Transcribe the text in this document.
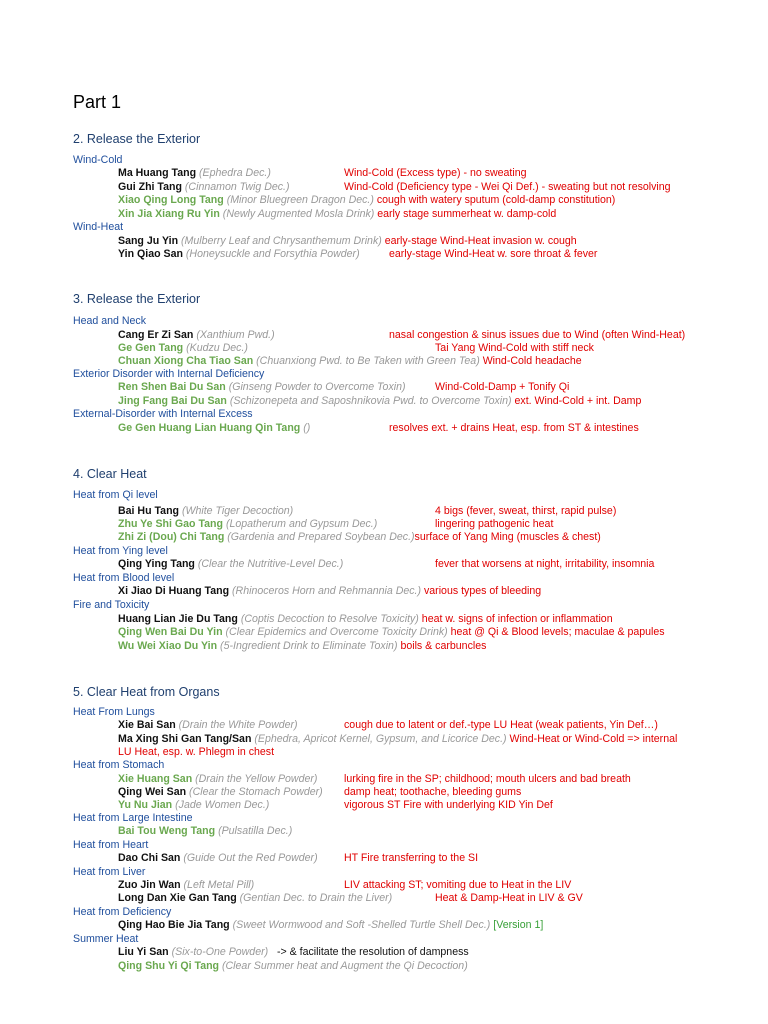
Part 1
2. Release the Exterior
Wind-Cold
Ma Huang Tang (Ephedra Dec.)	Wind-Cold (Excess type) - no sweating
Gui Zhi Tang (Cinnamon Twig Dec.)	Wind-Cold (Deficiency type - Wei Qi Def.) - sweating but not resolving
Xiao Qing Long Tang (Minor Bluegreen Dragon Dec.) cough with watery sputum (cold-damp constitution)
Xin Jia Xiang Ru Yin (Newly Augmented Mosla Drink) early stage summerheat w. damp-cold
Wind-Heat
Sang Ju Yin (Mulberry Leaf and Chrysanthemum Drink) early-stage Wind-Heat invasion w. cough
Yin Qiao San (Honeysuckle and Forsythia Powder)	early-stage Wind-Heat w. sore throat & fever
3. Release the Exterior
Head and Neck
Cang Er Zi San (Xanthium Pwd.)	nasal congestion & sinus issues due to Wind (often Wind-Heat)
Ge Gen Tang (Kudzu Dec.)	Tai Yang Wind-Cold with stiff neck
Chuan Xiong Cha Tiao San (Chuanxiong Pwd. to Be Taken with Green Tea) Wind-Cold headache
Exterior Disorder with Internal Deficiency
Ren Shen Bai Du San (Ginseng Powder to Overcome Toxin)	Wind-Cold-Damp + Tonify Qi
Jing Fang Bai Du San (Schizonepeta and Saposhnikovia Pwd. to Overcome Toxin) ext. Wind-Cold + int. Damp
External-Disorder with Internal Excess
Ge Gen Huang Lian Huang Qin Tang ()	resolves ext. + drains Heat, esp. from ST & intestines
4. Clear Heat
Heat from Qi level
Bai Hu Tang (White Tiger Decoction)	4 bigs (fever, sweat, thirst, rapid pulse)
Zhu Ye Shi Gao Tang (Lopatherum and Gypsum Dec.)	lingering pathogenic heat
Zhi Zi (Dou) Chi Tang (Gardenia and Prepared Soybean Dec.)surface of Yang Ming (muscles & chest)
Heat from Ying level
Qing Ying Tang (Clear the Nutritive-Level Dec.)	fever that worsens at night, irritability, insomnia
Heat from Blood level
Xi Jiao Di Huang Tang (Rhinoceros Horn and Rehmannia Dec.) various types of bleeding
Fire and Toxicity
Huang Lian Jie Du Tang (Coptis Decoction to Resolve Toxicity) heat w. signs of infection or inflammation
Qing Wen Bai Du Yin (Clear Epidemics and Overcome Toxicity Drink) heat @ Qi & Blood levels; maculae & papules
Wu Wei Xiao Du Yin (5-Ingredient Drink to Eliminate Toxin) boils & carbuncles
5. Clear Heat from Organs
Heat From Lungs
Xie Bai San (Drain the White Powder)	cough due to latent or def.-type LU Heat (weak patients, Yin Def…)
Ma Xing Shi Gan Tang/San (Ephedra, Apricot Kernel, Gypsum, and Licorice Dec.) Wind-Heat or Wind-Cold => internal
LU Heat, esp. w. Phlegm in chest
Heat from Stomach
Xie Huang San (Drain the Yellow Powder)	lurking fire in the SP; childhood; mouth ulcers and bad breath
Qing Wei San (Clear the Stomach Powder) damp heat; toothache, bleeding gums
Yu Nu Jian (Jade Women Dec.)	vigorous ST Fire with underlying KID Yin Def
Heat from Large Intestine
Bai Tou Weng Tang (Pulsatilla Dec.)
Heat from Heart
Dao Chi San (Guide Out the Red Powder) HT Fire transferring to the SI
Heat from Liver
Zuo Jin Wan (Left Metal Pill)	LIV attacking ST; vomiting due to Heat in the LIV
Long Dan Xie Gan Tang (Gentian Dec. to Drain the Liver)	Heat & Damp-Heat in LIV & GV
Heat from Deficiency
Qing Hao Bie Jia Tang (Sweet Wormwood and Soft -Shelled Turtle Shell Dec.) [Version 1]
Summer Heat
Liu Yi San (Six-to-One Powder) -> & facilitate the resolution of dampness
Qing Shu Yi Qi Tang (Clear Summer heat and Augment the Qi Decoction)
